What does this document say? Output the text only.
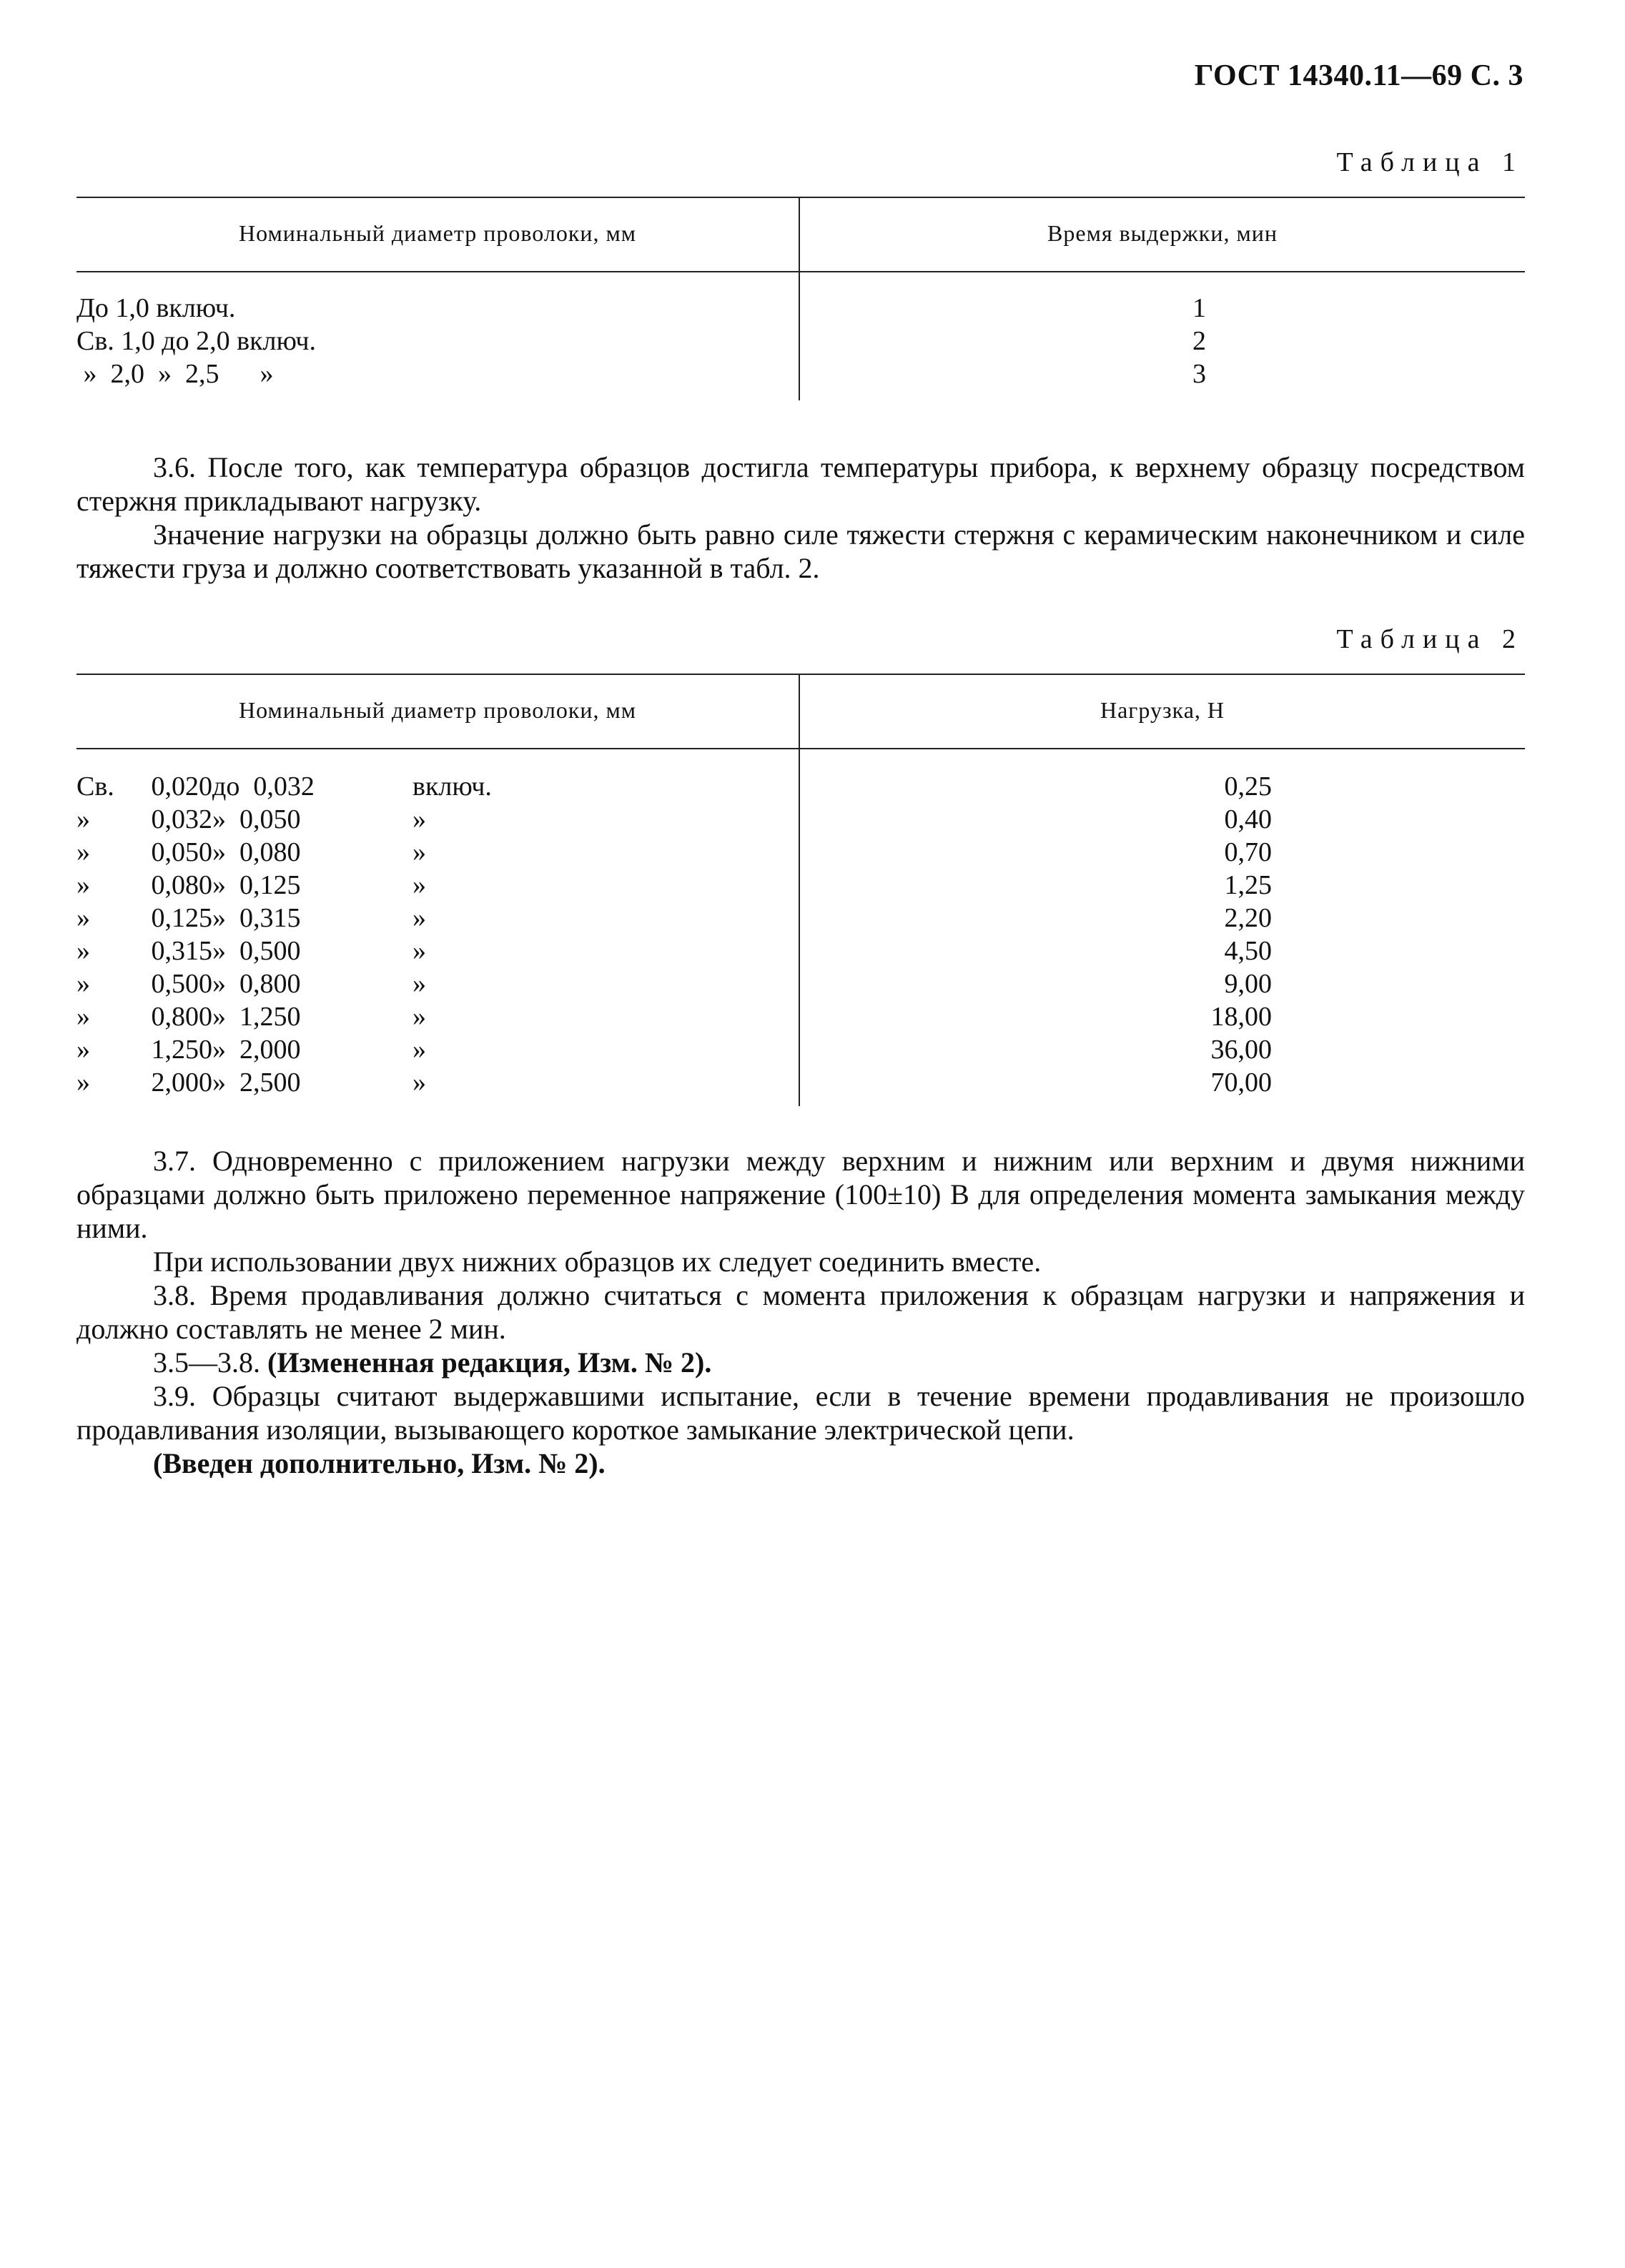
ГОСТ 14340.11—69 С. 3
Таблица 1
Номинальный диаметр проволоки, мм	Время выдержки, мин
До 1,0 включ.	1
Св. 1,0 до 2,0 включ.	2
»  2,0  »  2,5      »	3

3.6. После того, как температура образцов достигла температуры прибора, к верхнему образцу посредством стержня прикладывают нагрузку.

Значение нагрузки на образцы должно быть равно силе тяжести стержня с керамическим наконечником и силе тяжести груза и должно соответствовать указанной в табл. 2.

Таблица 2
Номинальный диаметр проволоки, мм	Нагрузка, Н
Св.	0,020 до  0,032	включ.	0,25
»	0,032 »  0,050	»	0,40
»	0,050 »  0,080	»	0,70
»	0,080 »  0,125	»	1,25
»	0,125 »  0,315	»	2,20
»	0,315 »  0,500	»	4,50
»	0,500 »  0,800	»	9,00
»	0,800 »  1,250	»	18,00
»	1,250 »  2,000	»	36,00
»	2,000 »  2,500	»	70,00

3.7. Одновременно с приложением нагрузки между верхним и нижним или верхним и двумя нижними образцами должно быть приложено переменное напряжение (100±10) В для определения момента замыкания между ними.

При использовании двух нижних образцов их следует соединить вместе.

3.8. Время продавливания должно считаться с момента приложения к образцам нагрузки и напряжения и должно составлять не менее 2 мин.

3.5—3.8. (Измененная редакция, Изм. № 2).

3.9. Образцы считают выдержавшими испытание, если в течение времени продавливания не произошло продавливания изоляции, вызывающего короткое замыкание электрической цепи.

(Введен дополнительно, Изм. № 2).
